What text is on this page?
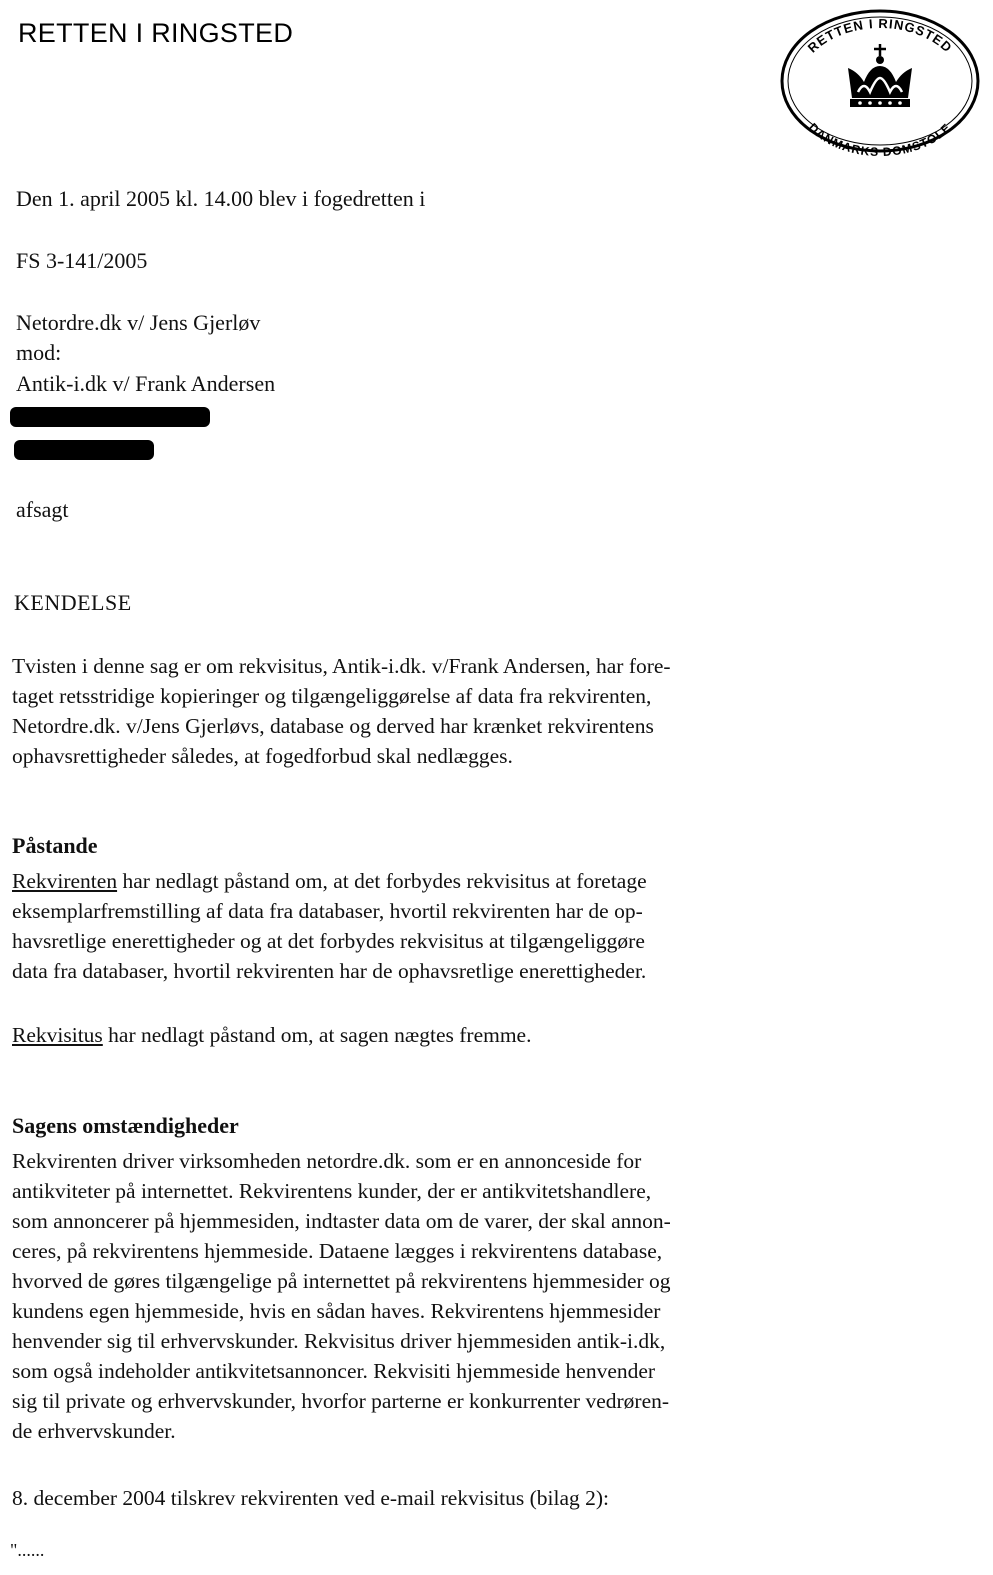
RETTEN I RINGSTED	RETTEN I RINGSTED
DANMARKS DOMSTOLE
Den 1. april 2005 kl. 14.00 blev i fogedretten i
FS 3-141/2005
Netordre.dk v/ Jens Gjerløv
mod:
Antik-i.dk v/ Frank Andersen
afsagt
KENDELSE

Tvisten i denne sag er om rekvisitus, Antik-i.dk. v/Frank Andersen, har fore-
taget retsstridige kopieringer og tilgængeliggørelse af data fra rekvirenten,
Netordre.dk. v/Jens Gjerløvs, database og derved har krænket rekvirentens
ophavsrettigheder således, at fogedforbud skal nedlægges.

Påstande

Rekvirenten har nedlagt påstand om, at det forbydes rekvisitus at foretage
eksemplarfremstilling af data fra databaser, hvortil rekvirenten har de op-
havsretlige enerettigheder og at det forbydes rekvisitus at tilgængeliggøre
data fra databaser, hvortil rekvirenten har de ophavsretlige enerettigheder.

Rekvisitus har nedlagt påstand om, at sagen nægtes fremme.

Sagens omstændigheder

Rekvirenten driver virksomheden netordre.dk. som er en annonceside for
antikviteter på internettet. Rekvirentens kunder, der er antikvitetshandlere,
som annoncerer på hjemmesiden, indtaster data om de varer, der skal annon-
ceres, på rekvirentens hjemmeside. Dataene lægges i rekvirentens database,
hvorved de gøres tilgængelige på internettet på rekvirentens hjemmesider og
kundens egen hjemmeside, hvis en sådan haves. Rekvirentens hjemmesider
henvender sig til erhvervskunder. Rekvisitus driver hjemmesiden antik-i.dk,
som også indeholder antikvitetsannoncer. Rekvisiti hjemmeside henvender
sig til private og erhvervskunder, hvorfor parterne er konkurrenter vedrøren-
de erhvervskunder.

8. december 2004 tilskrev rekvirenten ved e-mail rekvisitus (bilag 2):

"......
